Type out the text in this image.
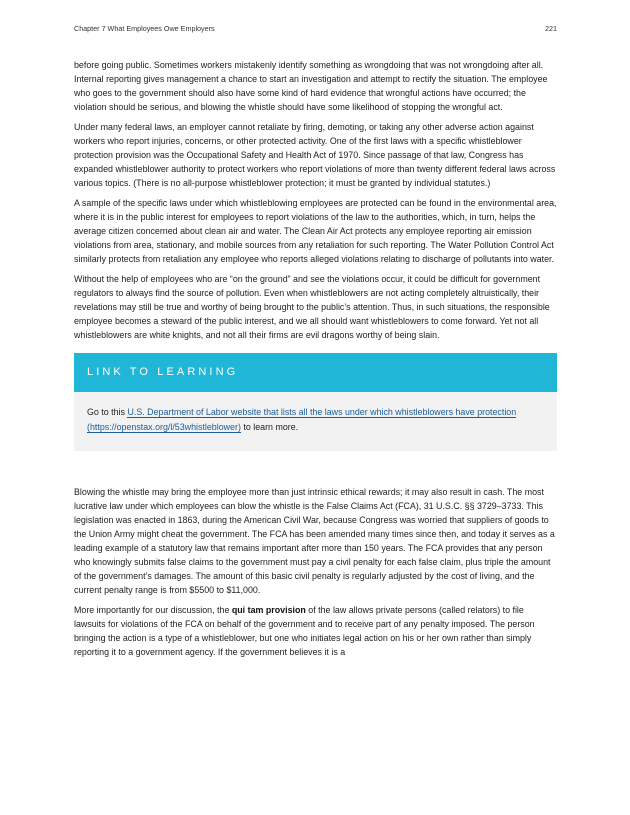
Chapter 7 What Employees Owe Employers	221

before going public. Sometimes workers mistakenly identify something as wrongdoing that was not wrongdoing after all. Internal reporting gives management a chance to start an investigation and attempt to rectify the situation. The employee who goes to the government should also have some kind of hard evidence that wrongful actions have occurred; the violation should be serious, and blowing the whistle should have some likelihood of stopping the wrongful act.

Under many federal laws, an employer cannot retaliate by firing, demoting, or taking any other adverse action against workers who report injuries, concerns, or other protected activity. One of the first laws with a specific whistleblower protection provision was the Occupational Safety and Health Act of 1970. Since passage of that law, Congress has expanded whistleblower authority to protect workers who report violations of more than twenty different federal laws across various topics. (There is no all-purpose whistleblower protection; it must be granted by individual statutes.)

A sample of the specific laws under which whistleblowing employees are protected can be found in the environmental area, where it is in the public interest for employees to report violations of the law to the authorities, which, in turn, helps the average citizen concerned about clean air and water. The Clean Air Act protects any employee reporting air emission violations from area, stationary, and mobile sources from any retaliation for such reporting. The Water Pollution Control Act similarly protects from retaliation any employee who reports alleged violations relating to discharge of pollutants into water.

Without the help of employees who are “on the ground” and see the violations occur, it could be difficult for government regulators to always find the source of pollution. Even when whistleblowers are not acting completely altruistically, their revelations may still be true and worthy of being brought to the public’s attention. Thus, in such situations, the responsible employee becomes a steward of the public interest, and we all should want whistleblowers to come forward. Yet not all whistleblowers are white knights, and not all their firms are evil dragons worthy of being slain.

LINK TO LEARNING
Go to this U.S. Department of Labor website that lists all the laws under which whistleblowers have protection (https://openstax.org/l/53whistleblower) to learn more.

Blowing the whistle may bring the employee more than just intrinsic ethical rewards; it may also result in cash. The most lucrative law under which employees can blow the whistle is the False Claims Act (FCA), 31 U.S.C. §§ 3729–3733. This legislation was enacted in 1863, during the American Civil War, because Congress was worried that suppliers of goods to the Union Army might cheat the government. The FCA has been amended many times since then, and today it serves as a leading example of a statutory law that remains important after more than 150 years. The FCA provides that any person who knowingly submits false claims to the government must pay a civil penalty for each false claim, plus triple the amount of the government’s damages. The amount of this basic civil penalty is regularly adjusted by the cost of living, and the current penalty range is from $5500 to $11,000.

More importantly for our discussion, the qui tam provision of the law allows private persons (called relators) to file lawsuits for violations of the FCA on behalf of the government and to receive part of any penalty imposed. The person bringing the action is a type of a whistleblower, but one who initiates legal action on his or her own rather than simply reporting it to a government agency. If the government believes it is a
